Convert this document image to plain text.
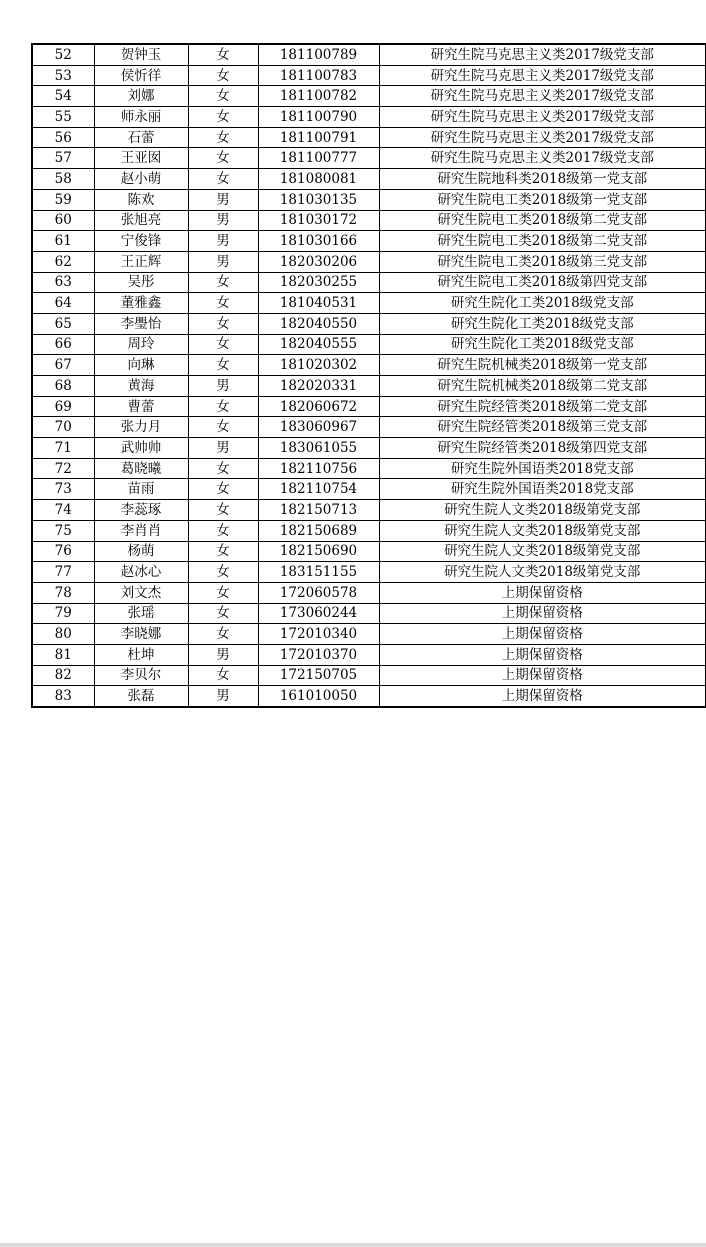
52	贺钟玉	女	181100789	研究生院马克思主义类2017级党支部
53	侯忻徉	女	181100783	研究生院马克思主义类2017级党支部
54	刘娜	女	181100782	研究生院马克思主义类2017级党支部
55	师永丽	女	181100790	研究生院马克思主义类2017级党支部
56	石蕾	女	181100791	研究生院马克思主义类2017级党支部
57	王亚囡	女	181100777	研究生院马克思主义类2017级党支部
58	赵小萌	女	181080081	研究生院地科类2018级第一党支部
59	陈欢	男	181030135	研究生院电工类2018级第一党支部
60	张旭亮	男	181030172	研究生院电工类2018级第二党支部
61	宁俊锋	男	181030166	研究生院电工类2018级第二党支部
62	王正辉	男	182030206	研究生院电工类2018级第三党支部
63	吴彤	女	182030255	研究生院电工类2018级第四党支部
64	董雅鑫	女	181040531	研究生院化工类2018级党支部
65	李璺怡	女	182040550	研究生院化工类2018级党支部
66	周玲	女	182040555	研究生院化工类2018级党支部
67	向琳	女	181020302	研究生院机械类2018级第一党支部
68	黄海	男	182020331	研究生院机械类2018级第二党支部
69	曹蕾	女	182060672	研究生院经管类2018级第二党支部
70	张力月	女	183060967	研究生院经管类2018级第三党支部
71	武帅帅	男	183061055	研究生院经管类2018级第四党支部
72	葛晓曦	女	182110756	研究生院外国语类2018党支部
73	苗雨	女	182110754	研究生院外国语类2018党支部
74	李蕊琢	女	182150713	研究生院人文类2018级第党支部
75	李肖肖	女	182150689	研究生院人文类2018级第党支部
76	杨萌	女	182150690	研究生院人文类2018级第党支部
77	赵冰心	女	183151155	研究生院人文类2018级第党支部
78	刘文杰	女	172060578	上期保留资格
79	张瑶	女	173060244	上期保留资格
80	李晓娜	女	172010340	上期保留资格
81	杜坤	男	172010370	上期保留资格
82	李贝尔	女	172150705	上期保留资格
83	张磊	男	161010050	上期保留资格
